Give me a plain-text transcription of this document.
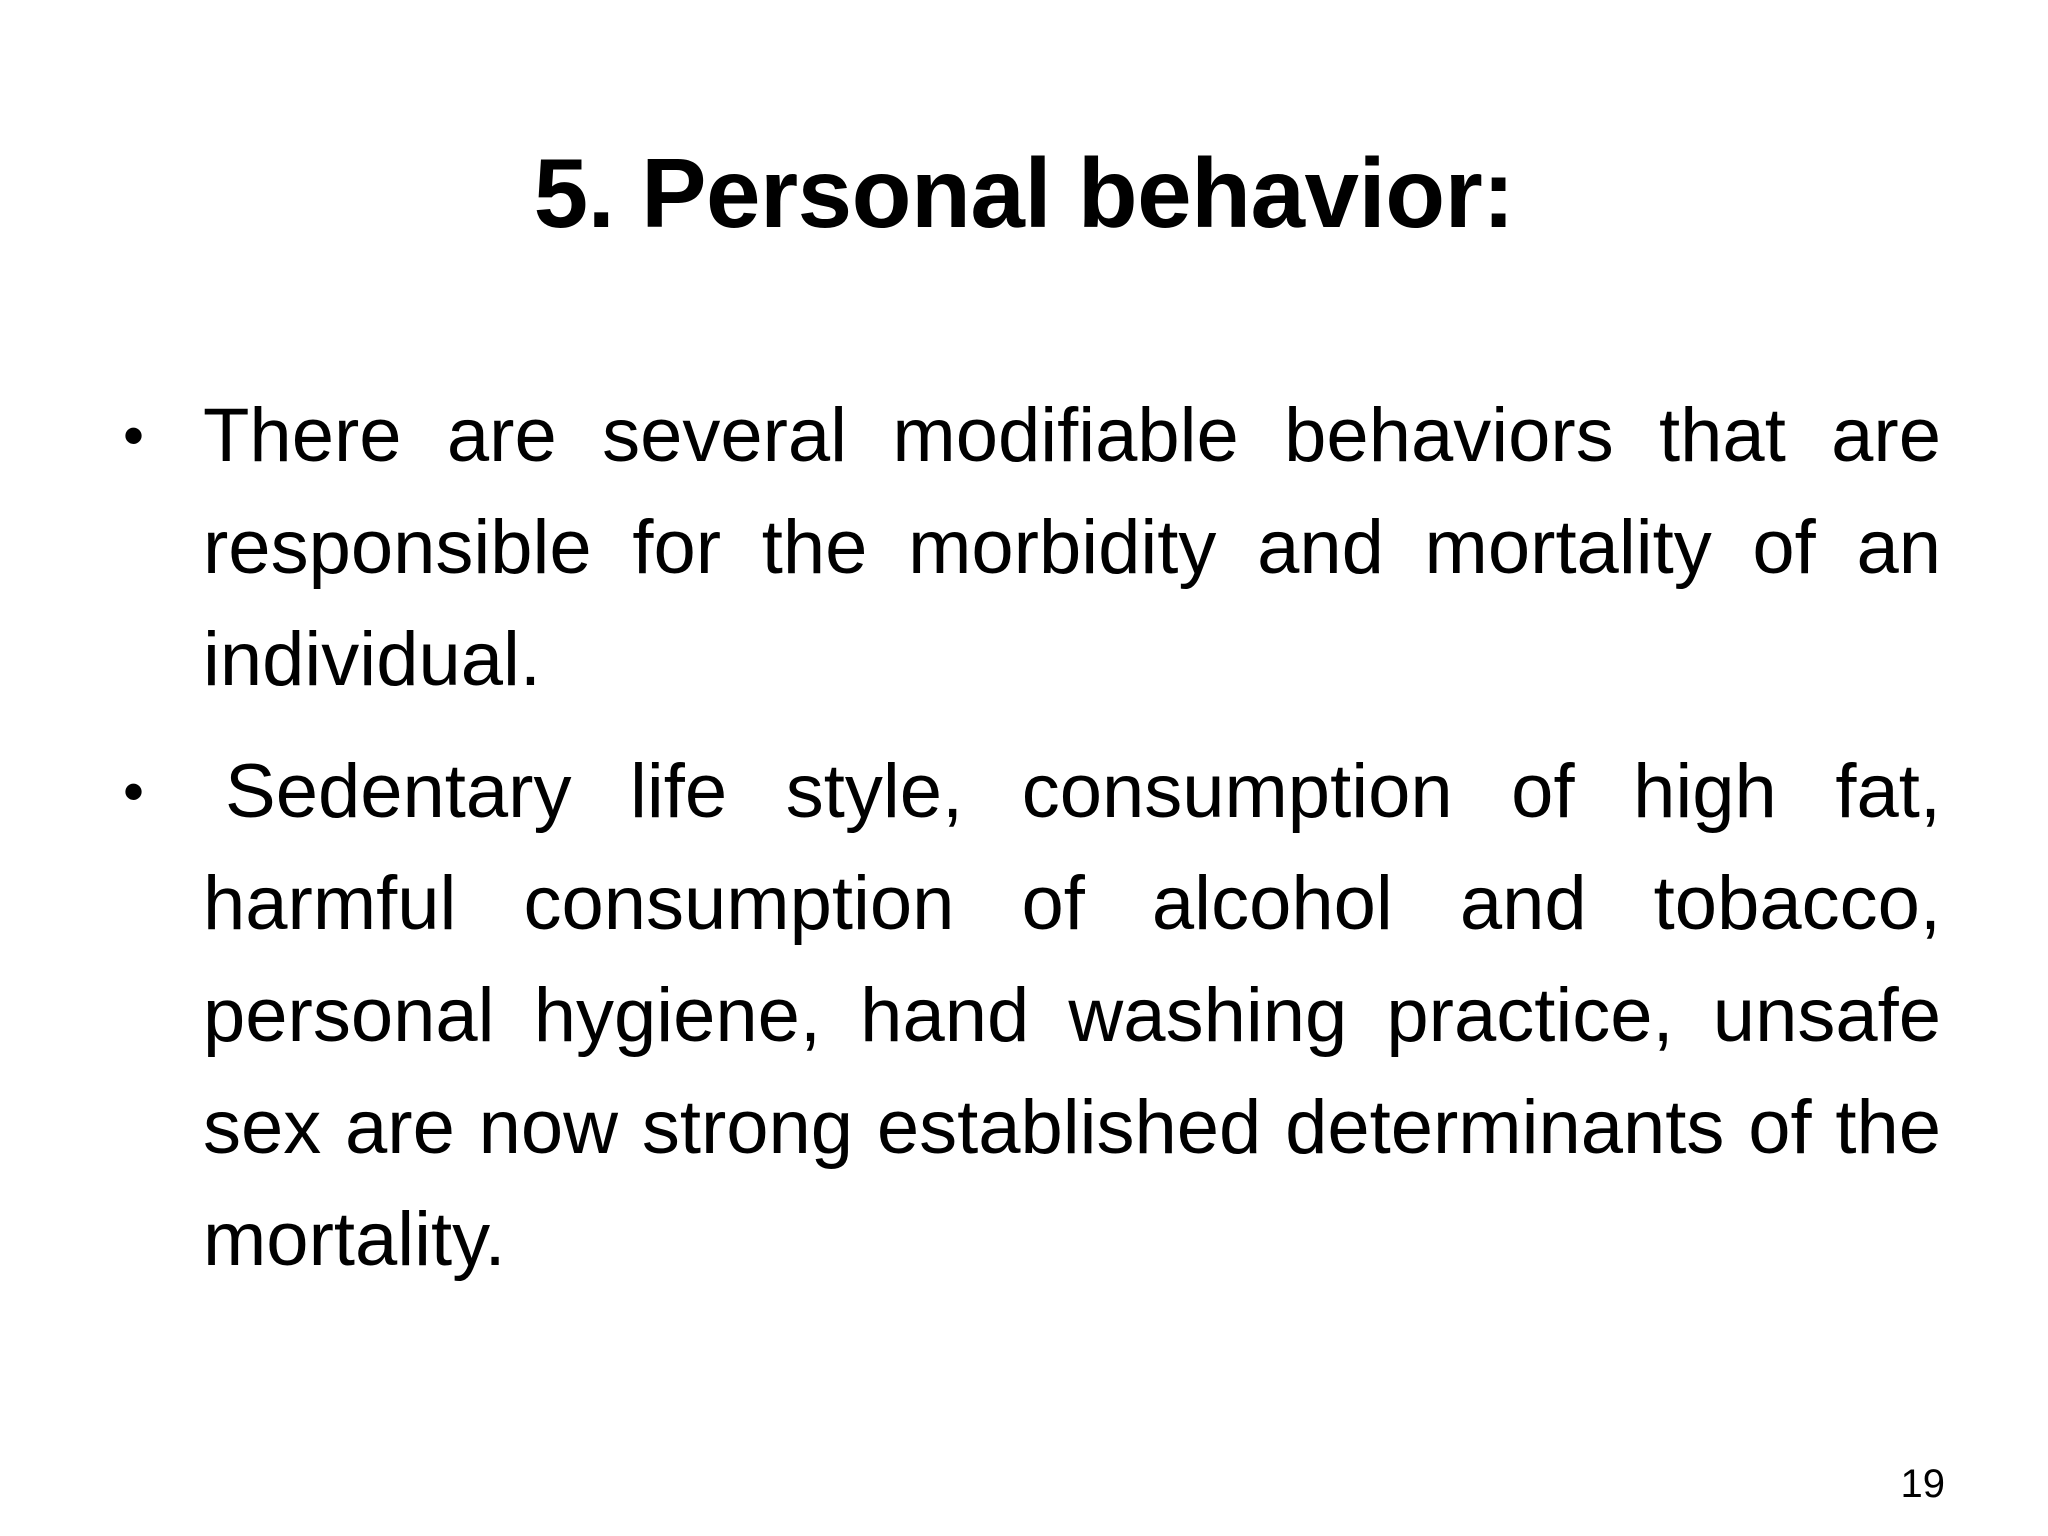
5. Personal behavior:
• There are several modifiable behaviors that are responsible for the morbidity and mortality of an individual.
• Sedentary life style, consumption of high fat, harmful consumption of alcohol and tobacco, personal hygiene, hand washing practice, unsafe sex are now strong established determinants of the mortality.
19
